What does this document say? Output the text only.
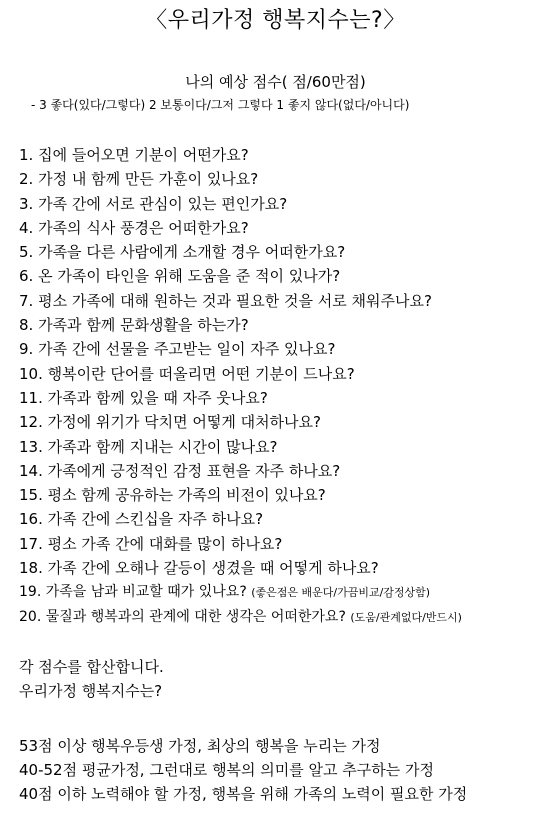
〈우리가정 행복지수는?〉
나의 예상 점수( 점/60만점)
- 3 좋다(있다/그렇다) 2 보통이다/그저 그렇다 1 좋지 않다(없다/아니다)
1. 집에 들어오면 기분이 어떤가요?
2. 가정 내 함께 만든 가훈이 있나요?
3. 가족 간에 서로 관심이 있는 편인가요?
4. 가족의 식사 풍경은 어떠한가요?
5. 가족을 다른 사람에게 소개할 경우 어떠한가요?
6. 온 가족이 타인을 위해 도움을 준 적이 있나가?
7. 평소 가족에 대해 원하는 것과 필요한 것을 서로 채워주나요?
8. 가족과 함께 문화생활을 하는가?
9. 가족 간에 선물을 주고받는 일이 자주 있나요?
10. 행복이란 단어를 떠올리면 어떤 기분이 드나요?
11. 가족과 함께 있을 때 자주 웃나요?
12. 가정에 위기가 닥치면 어떻게 대처하나요?
13. 가족과 함께 지내는 시간이 많나요?
14. 가족에게 긍정적인 감정 표현을 자주 하나요?
15. 평소 함께 공유하는 가족의 비전이 있나요?
16. 가족 간에 스킨십을 자주 하나요?
17. 평소 가족 간에 대화를 많이 하나요?
18. 가족 간에 오해나 갈등이 생겼을 때 어떻게 하나요?
19. 가족을 남과 비교할 때가 있나요? (좋은점은 배운다/가끔비교/감정상함)
20. 물질과 행복과의 관계에 대한 생각은 어떠한가요? (도움/관계없다/반드시)
각 점수를 합산합니다.
우리가정 행복지수는?
53점 이상 행복우등생 가정, 최상의 행복을 누리는 가정
40-52점 평균가정, 그런대로 행복의 의미를 알고 추구하는 가정
40점 이하 노력해야 할 가정, 행복을 위해 가족의 노력이 필요한 가정
